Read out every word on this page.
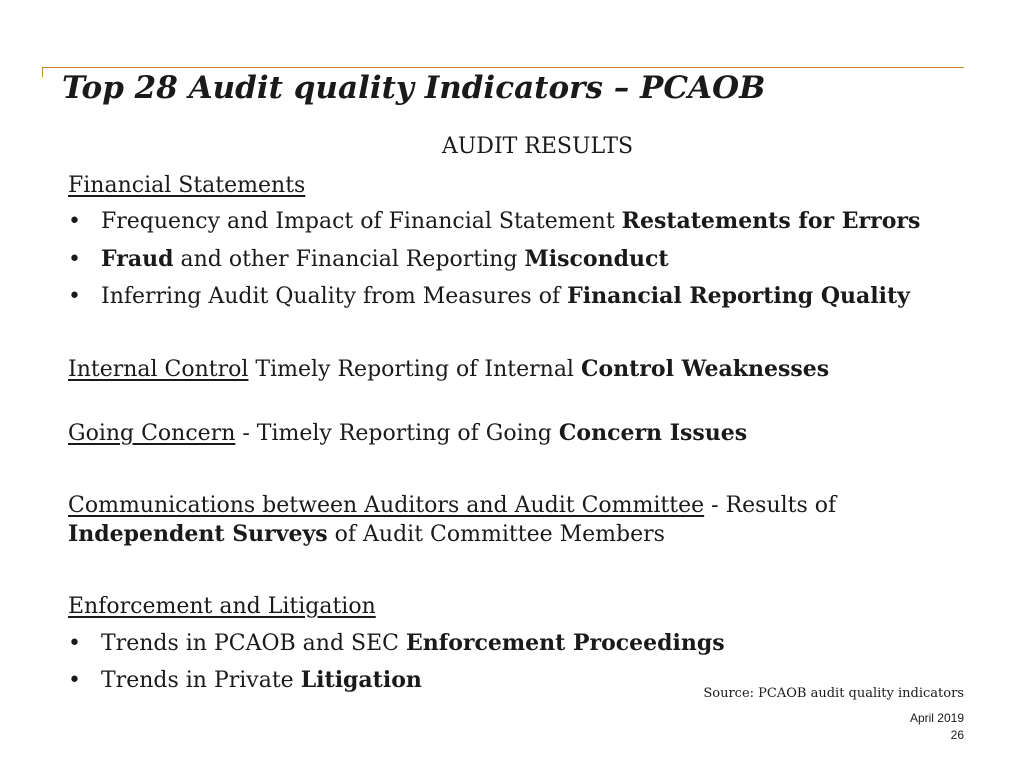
Top 28 Audit quality Indicators – PCAOB
AUDIT RESULTS
Financial Statements
• Frequency and Impact of Financial Statement Restatements for Errors
• Fraud and other Financial Reporting Misconduct
• Inferring Audit Quality from Measures of Financial Reporting Quality
Internal Control Timely Reporting of Internal Control Weaknesses
Going Concern - Timely Reporting of Going Concern Issues
Communications between Auditors and Audit Committee - Results of
Independent Surveys of Audit Committee Members
Enforcement and Litigation
• Trends in PCAOB and SEC Enforcement Proceedings
• Trends in Private Litigation
Source: PCAOB audit quality indicators
April 2019
26
